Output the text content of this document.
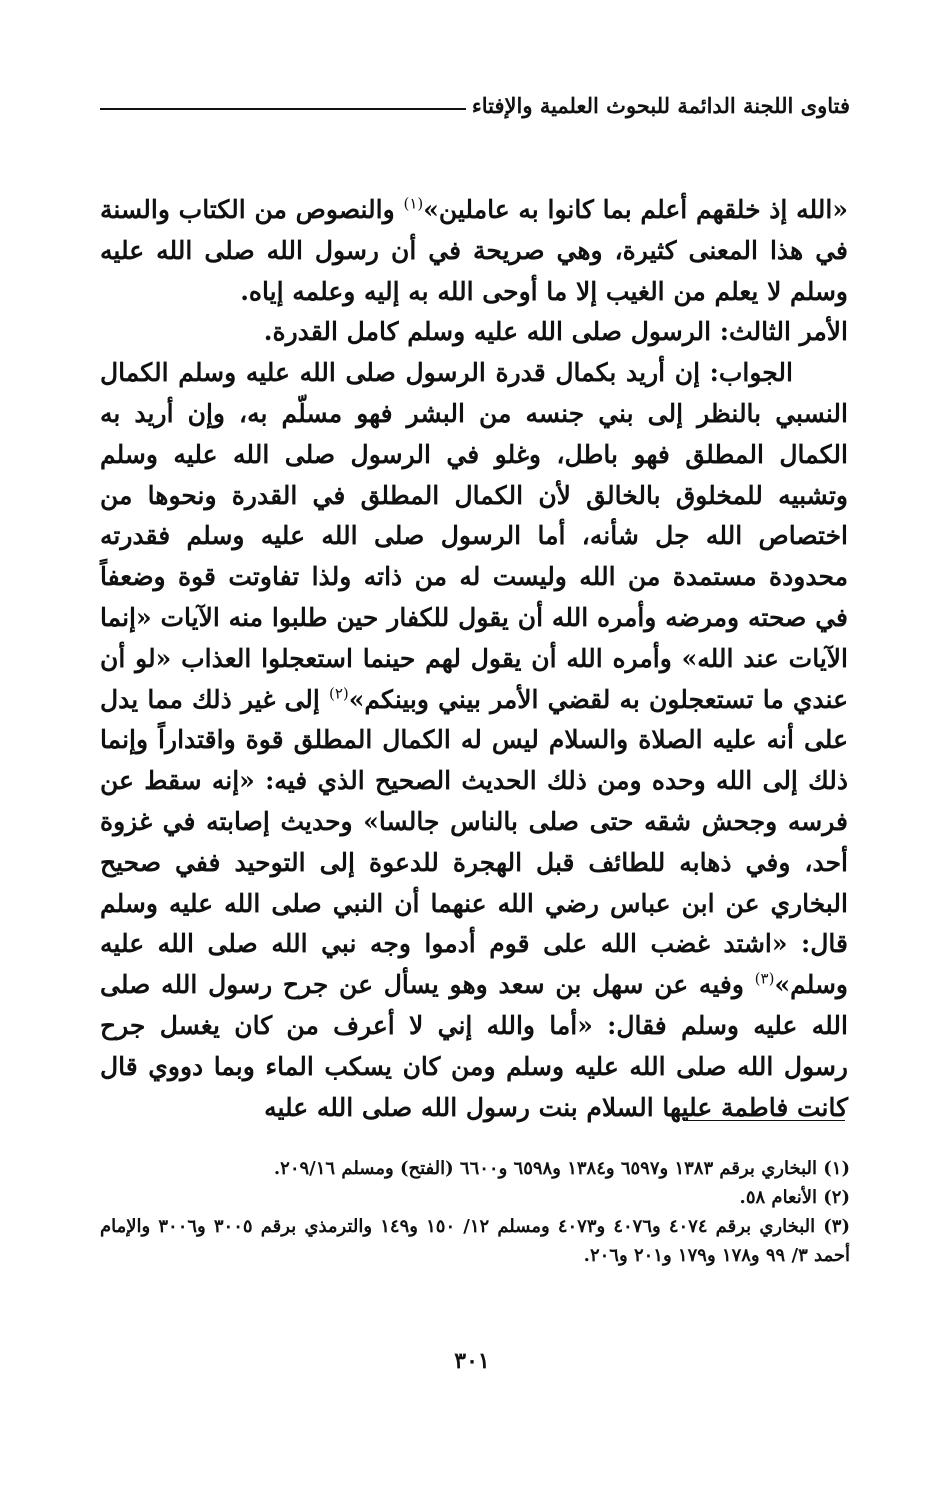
فتاوى اللجنة الدائمة للبحوث العلمية والإفتاء

«الله إذ خلقهم أعلم بما كانوا به عاملين»$^{(١)}$ والنصوص من الكتاب والسنة في هذا المعنى كثيرة، وهي صريحة في أن رسول الله صلى الله عليه وسلم لا يعلم من الغيب إلا ما أوحى الله به إليه وعلمه إياه.

الأمر الثالث: الرسول صلى الله عليه وسلم كامل القدرة.

الجواب: إن أريد بكمال قدرة الرسول صلى الله عليه وسلم الكمال النسبي بالنظر إلى بني جنسه من البشر فهو مسلّم به، وإن أريد به الكمال المطلق فهو باطل، وغلو في الرسول صلى الله عليه وسلم وتشبيه للمخلوق بالخالق لأن الكمال المطلق في القدرة ونحوها من اختصاص الله جل شأنه، أما الرسول صلى الله عليه وسلم فقدرته محدودة مستمدة من الله وليست له من ذاته ولذا تفاوتت قوة وضعفاً في صحته ومرضه وأمره الله أن يقول للكفار حين طلبوا منه الآيات «إنما الآيات عند الله» وأمره الله أن يقول لهم حينما استعجلوا العذاب «لو أن عندي ما تستعجلون به لقضي الأمر بيني وبينكم»$^{(٢)}$ إلى غير ذلك مما يدل على أنه عليه الصلاة والسلام ليس له الكمال المطلق قوة واقتداراً وإنما ذلك إلى الله وحده ومن ذلك الحديث الصحيح الذي فيه: «إنه سقط عن فرسه وجحش شقه حتى صلى بالناس جالسا» وحديث إصابته في غزوة أحد، وفي ذهابه للطائف قبل الهجرة للدعوة إلى التوحيد ففي صحيح البخاري عن ابن عباس رضي الله عنهما أن النبي صلى الله عليه وسلم قال: «اشتد غضب الله على قوم أدموا وجه نبي الله صلى الله عليه وسلم»$^{(٣)}$ وفيه عن سهل بن سعد وهو يسأل عن جرح رسول الله صلى الله عليه وسلم فقال: «أما والله إني لا أعرف من كان يغسل جرح رسول الله صلى الله عليه وسلم ومن كان يسكب الماء وبما دووي قال كانت فاطمة عليها السلام بنت رسول الله صلى الله عليه

(١) البخاري برقم ١٣٨٣ و٦٥٩٧ و١٣٨٤ و٦٥٩٨ و٦٦٠٠ (الفتح) ومسلم ٢٠٩/١٦.

(٢) الأنعام ٥٨.

(٣) البخاري برقم ٤٠٧٤ و٤٠٧٦ و٤٠٧٣ ومسلم ١٢/ ١٥٠ و١٤٩ والترمذي برقم ٣٠٠٥ و٣٠٠٦ والإمام أحمد ٣/ ٩٩ و١٧٨ و١٧٩ و٢٠١ و٢٠٦.

٣٠١
